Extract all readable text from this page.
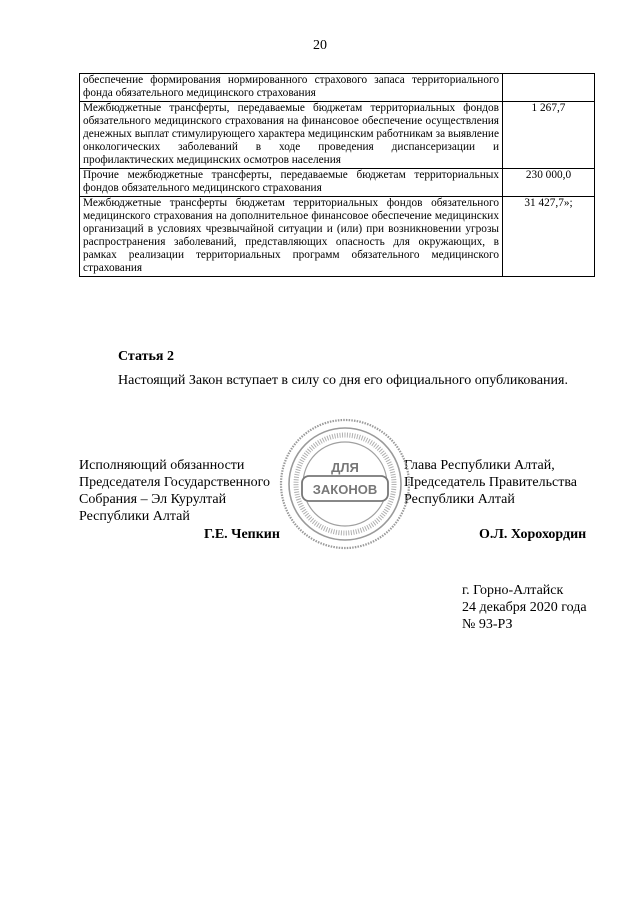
20
обеспечение формирования нормированного страхового запаса территориального фонда обязательного медицинского страхования	
Межбюджетные трансферты, передаваемые бюджетам территориальных фондов обязательного медицинского страхования на финансовое обеспечение осуществления денежных выплат стимулирующего характера медицинским работникам за выявление онкологических заболеваний в ходе проведения диспансеризации и профилактических медицинских осмотров населения	1 267,7
Прочие межбюджетные трансферты, передаваемые бюджетам территориальных фондов обязательного медицинского страхования	230 000,0
Межбюджетные трансферты бюджетам территориальных фондов обязательного медицинского страхования на дополнительное финансовое обеспечение медицинских организаций в условиях чрезвычайной ситуации и (или) при возникновении угрозы распространения заболеваний, представляющих опасность для окружающих, в рамках реализации территориальных программ обязательного медицинского страхования	31 427,7»;
Статья 2
Настоящий Закон вступает в силу со дня его официального опубликования.
Исполняющий обязанности
Председателя Государственного
Собрания – Эл Курултай
Республики Алтай
Глава Республики Алтай,
Председатель Правительства
Республики Алтай
Г.Е. Чепкин	О.Л. Хорохордин
ДЛЯ
ЗАКОНОВ
г. Горно-Алтайск
24 декабря 2020 года
№ 93-РЗ
